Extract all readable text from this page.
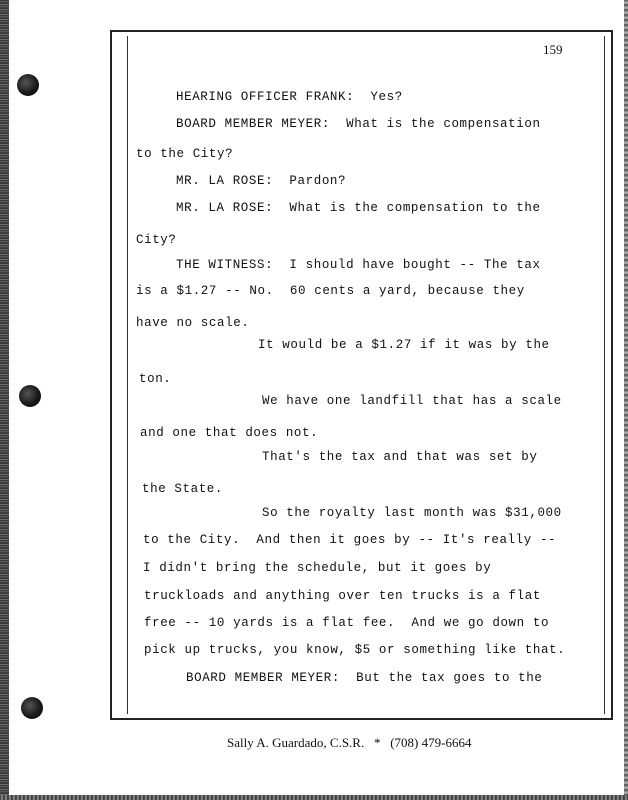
159
HEARING OFFICER FRANK:  Yes?
BOARD MEMBER MEYER:  What is the compensation
to the City?
MR. LA ROSE:  Pardon?
MR. LA ROSE:  What is the compensation to the
City?
THE WITNESS:  I should have bought -- The tax
is a $1.27 -- No.  60 cents a yard, because they
have no scale.
It would be a $1.27 if it was by the
ton.
We have one landfill that has a scale
and one that does not.
That's the tax and that was set by
the State.
So the royalty last month was $31,000
to the City.  And then it goes by -- It's really --
I didn't bring the schedule, but it goes by
truckloads and anything over ten trucks is a flat
free -- 10 yards is a flat fee.  And we go down to
pick up trucks, you know, $5 or something like that.
BOARD MEMBER MEYER:  But the tax goes to the
Sally A. Guardado, C.S.R.   *   (708) 479-6664
